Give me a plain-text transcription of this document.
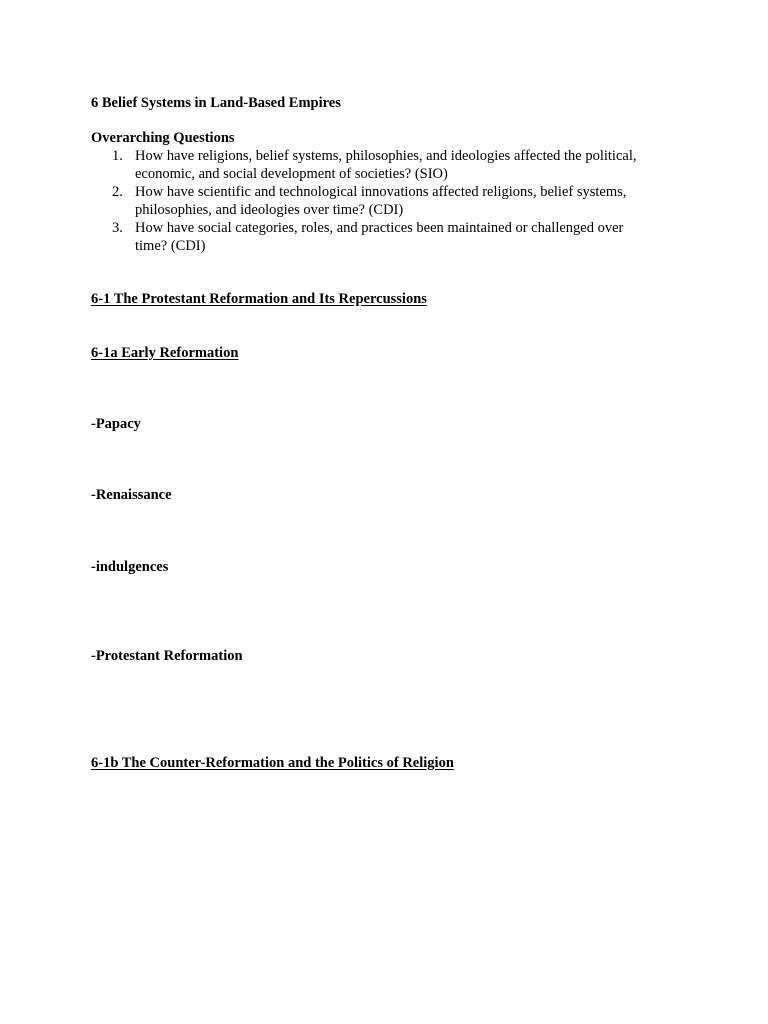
6 Belief Systems in Land-Based Empires
Overarching Questions
1. How have religions, belief systems, philosophies, and ideologies affected the political,
economic, and social development of societies? (SIO)
2. How have scientific and technological innovations affected religions, belief systems,
philosophies, and ideologies over time? (CDI)
3. How have social categories, roles, and practices been maintained or challenged over
time? (CDI)
6-1 The Protestant Reformation and Its Repercussions
6-1a Early Reformation
-Papacy
-Renaissance
-indulgences
-Protestant Reformation
6-1b The Counter-Reformation and the Politics of Religion
